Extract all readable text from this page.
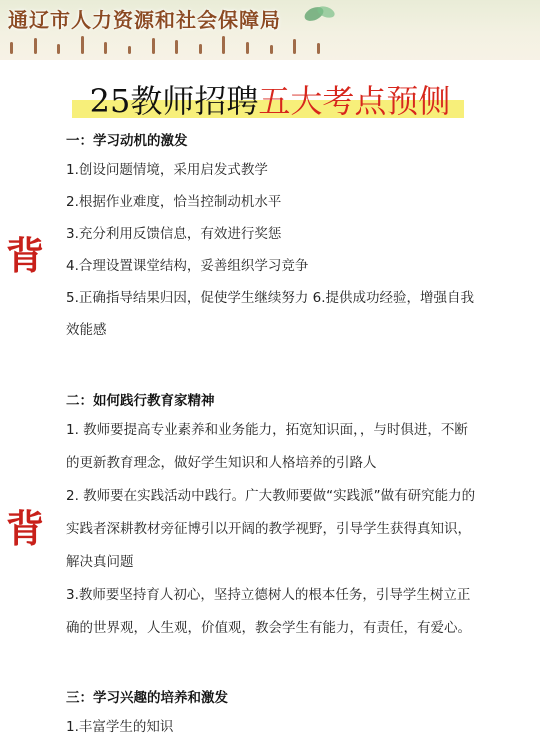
通辽市人力资源和社会保障局
25教师招聘五大考点预侧
背
背

一：学习动机的激发

1.创设问题情境，采用启发式教学

2.根据作业难度，恰当控制动机水平

3.充分利用反馈信息，有效进行奖惩

4.合理设置课堂结构，妥善组织学习竞争

5.正确指导结果归因，促使学生继续努力 6.提供成功经验，增强自我

效能感

二：如何践行教育家精神

1. 教师要提高专业素养和业务能力，拓宽知识面，，与时俱进，不断

的更新教育理念，做好学生知识和人格培养的引路人

2. 教师要在实践活动中践行。广大教师要做“实践派”做有研究能力的

实践者深耕教材旁征博引以开阔的教学视野，引导学生获得真知识，

解决真问题

3.教师要坚持育人初心，坚持立德树人的根本任务，引导学生树立正

确的世界观，人生观，价值观，教会学生有能力，有责任，有爱心。

三：学习兴趣的培养和激发

1.丰富学生的知识
